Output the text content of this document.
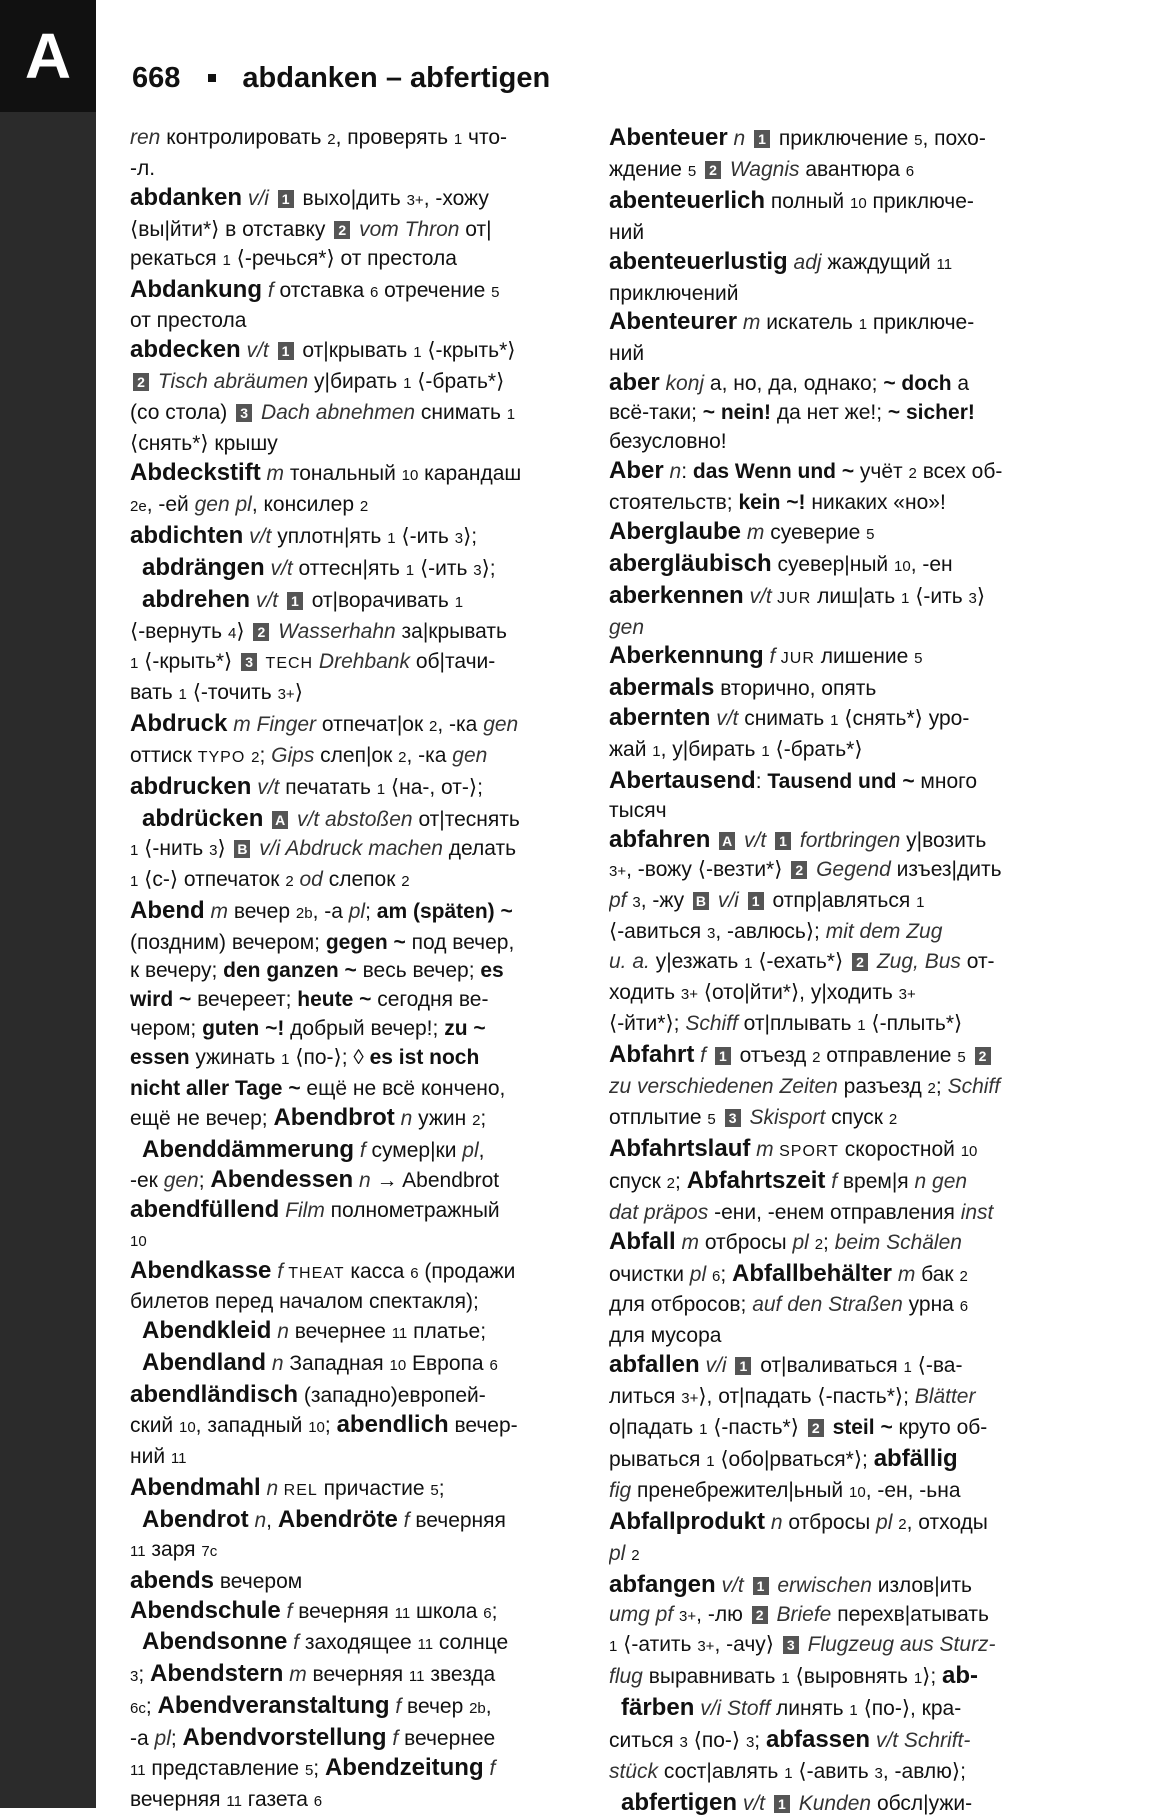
A	668 abdanken – abfertigen
ren контролировать 2, проверять 1 что-
-л.
abdanken v/i 1 выхо|дить 3+, -хожу
⟨вы|йти*⟩ в отставку 2 vom Thron от|
рекаться 1 ⟨-речься*⟩ от престола
Abdankung f отставка 6 отречение 5
от престола
abdecken v/t 1 от|крывать 1 ⟨-крыть*⟩
2 Tisch abräumen у|бирать 1 ⟨-брать*⟩
(со стола) 3 Dach abnehmen снимать 1
⟨снять*⟩ крышу
Abdeckstift m тональный 10 карандаш
2e, -ей gen pl, консилер 2
abdichten v/t уплотн|ять 1 ⟨-ить 3⟩;
abdrängen v/t оттесн|ять 1 ⟨-ить 3⟩;
abdrehen v/t 1 от|ворачивать 1
⟨-вернуть 4⟩ 2 Wasserhahn за|крывать
1 ⟨-крыть*⟩ 3 TECH Drehbank об|тачи-
вать 1 ⟨-точить 3+⟩
Abdruck m Finger отпечат|ок 2, -ка gen
оттиск TYPO 2; Gips слеп|ок 2, -ка gen
abdrucken v/t печатать 1 ⟨на-, от-⟩;
abdrücken A v/t abstoßen от|теснять
1 ⟨-нить 3⟩ B v/i Abdruck machen делать
1 ⟨с-⟩ отпечаток 2 od слепок 2
Abend m вечер 2b, -а pl; am (späten) ~
(поздним) вечером; gegen ~ под вечер,
к вечеру; den ganzen ~ весь вечер; es
wird ~ вечереет; heute ~ сегодня ве-
чером; guten ~! добрый вечер!; zu ~
essen ужинать 1 ⟨по-⟩; ◊ es ist noch
nicht aller Tage ~ ещё не всё кончено,
ещё не вечер; Abendbrot n ужин 2;
Abenddämmerung f сумер|ки pl,
-ек gen; Abendessen n → Abendbrot
abendfüllend Film полнометражный
10
Abendkasse f THEAT касса 6 (продажи
билетов перед началом спектакля);
Abendkleid n вечернее 11 платье;
Abendland n Западная 10 Европа 6
abendländisch (западно)европей-
ский 10, западный 10; abendlich вечер-
ний 11
Abendmahl n REL причастие 5;
Abendrot n, Abendröte f вечерняя
11 заря 7c
abends вечером
Abendschule f вечерняя 11 школа 6;
Abendsonne f заходящее 11 солнце
3; Abendstern m вечерняя 11 звезда
6c; Abendveranstaltung f вечер 2b,
-а pl; Abendvorstellung f вечернее
11 представление 5; Abendzeitung f
вечерняя 11 газета 6
Abenteuer n 1 приключение 5, похо-
ждение 5 2 Wagnis авантюра 6
abenteuerlich полный 10 приключе-
ний
abenteuerlustig adj жаждущий 11
приключений
Abenteurer m искатель 1 приключе-
ний
aber konj а, но, да, однако; ~ doch а
всё-таки; ~ nein! да нет же!; ~ sicher!
безусловно!
Aber n: das Wenn und ~ учёт 2 всех об-
стоятельств; kein ~! никаких «но»!
Aberglaube m суеверие 5
abergläubisch суевер|ный 10, -ен
aberkennen v/t JUR лиш|ать 1 ⟨-ить 3⟩
gen
Aberkennung f JUR лишение 5
abermals вторично, опять
abernten v/t снимать 1 ⟨снять*⟩ уро-
жай 1, у|бирать 1 ⟨-брать*⟩
Abertausend: Tausend und ~ много
тысяч
abfahren A v/t 1 fortbringen у|возить
3+, -вожу ⟨-везти*⟩ 2 Gegend изъез|дить
pf 3, -жу B v/i 1 отпр|авляться 1
⟨-авиться 3, -авлюсь⟩; mit dem Zug
u. a. у|езжать 1 ⟨-ехать*⟩ 2 Zug, Bus от-
ходить 3+ ⟨ото|йти*⟩, у|ходить 3+
⟨-йти*⟩; Schiff от|плывать 1 ⟨-плыть*⟩
Abfahrt f 1 отъезд 2 отправление 5 2
zu verschiedenen Zeiten разъезд 2; Schiff
отплытие 5 3 Skisport спуск 2
Abfahrtslauf m SPORT скоростной 10
спуск 2; Abfahrtszeit f врем|я n gen
dat präpos -ени, -енем отправления inst
Abfall m отбросы pl 2; beim Schälen
очистки pl 6; Abfallbehälter m бак 2
для отбросов; auf den Straßen урна 6
для мусора
abfallen v/i 1 от|валиваться 1 ⟨-ва-
литься 3+⟩, от|падать ⟨-пасть*⟩; Blätter
о|падать 1 ⟨-пасть*⟩ 2 steil ~ круто об-
рываться 1 ⟨обо|рваться*⟩; abfällig
fig пренебрежител|ьный 10, -ен, -ьна
Abfallprodukt n отбросы pl 2, отходы
pl 2
abfangen v/t 1 erwischen излов|ить
umg pf 3+, -лю 2 Briefe перехв|атывать
1 ⟨-атить 3+, -ачу⟩ 3 Flugzeug aus Sturz-
flug выравнивать 1 ⟨выровнять 1⟩; ab-
färben v/i Stoff линять 1 ⟨по-⟩, кра-
ситься 3 ⟨по-⟩ 3; abfassen v/t Schrift-
stück сост|авлять 1 ⟨-авить 3, -авлю⟩;
abfertigen v/t 1 Kunden обсл|ужи-
